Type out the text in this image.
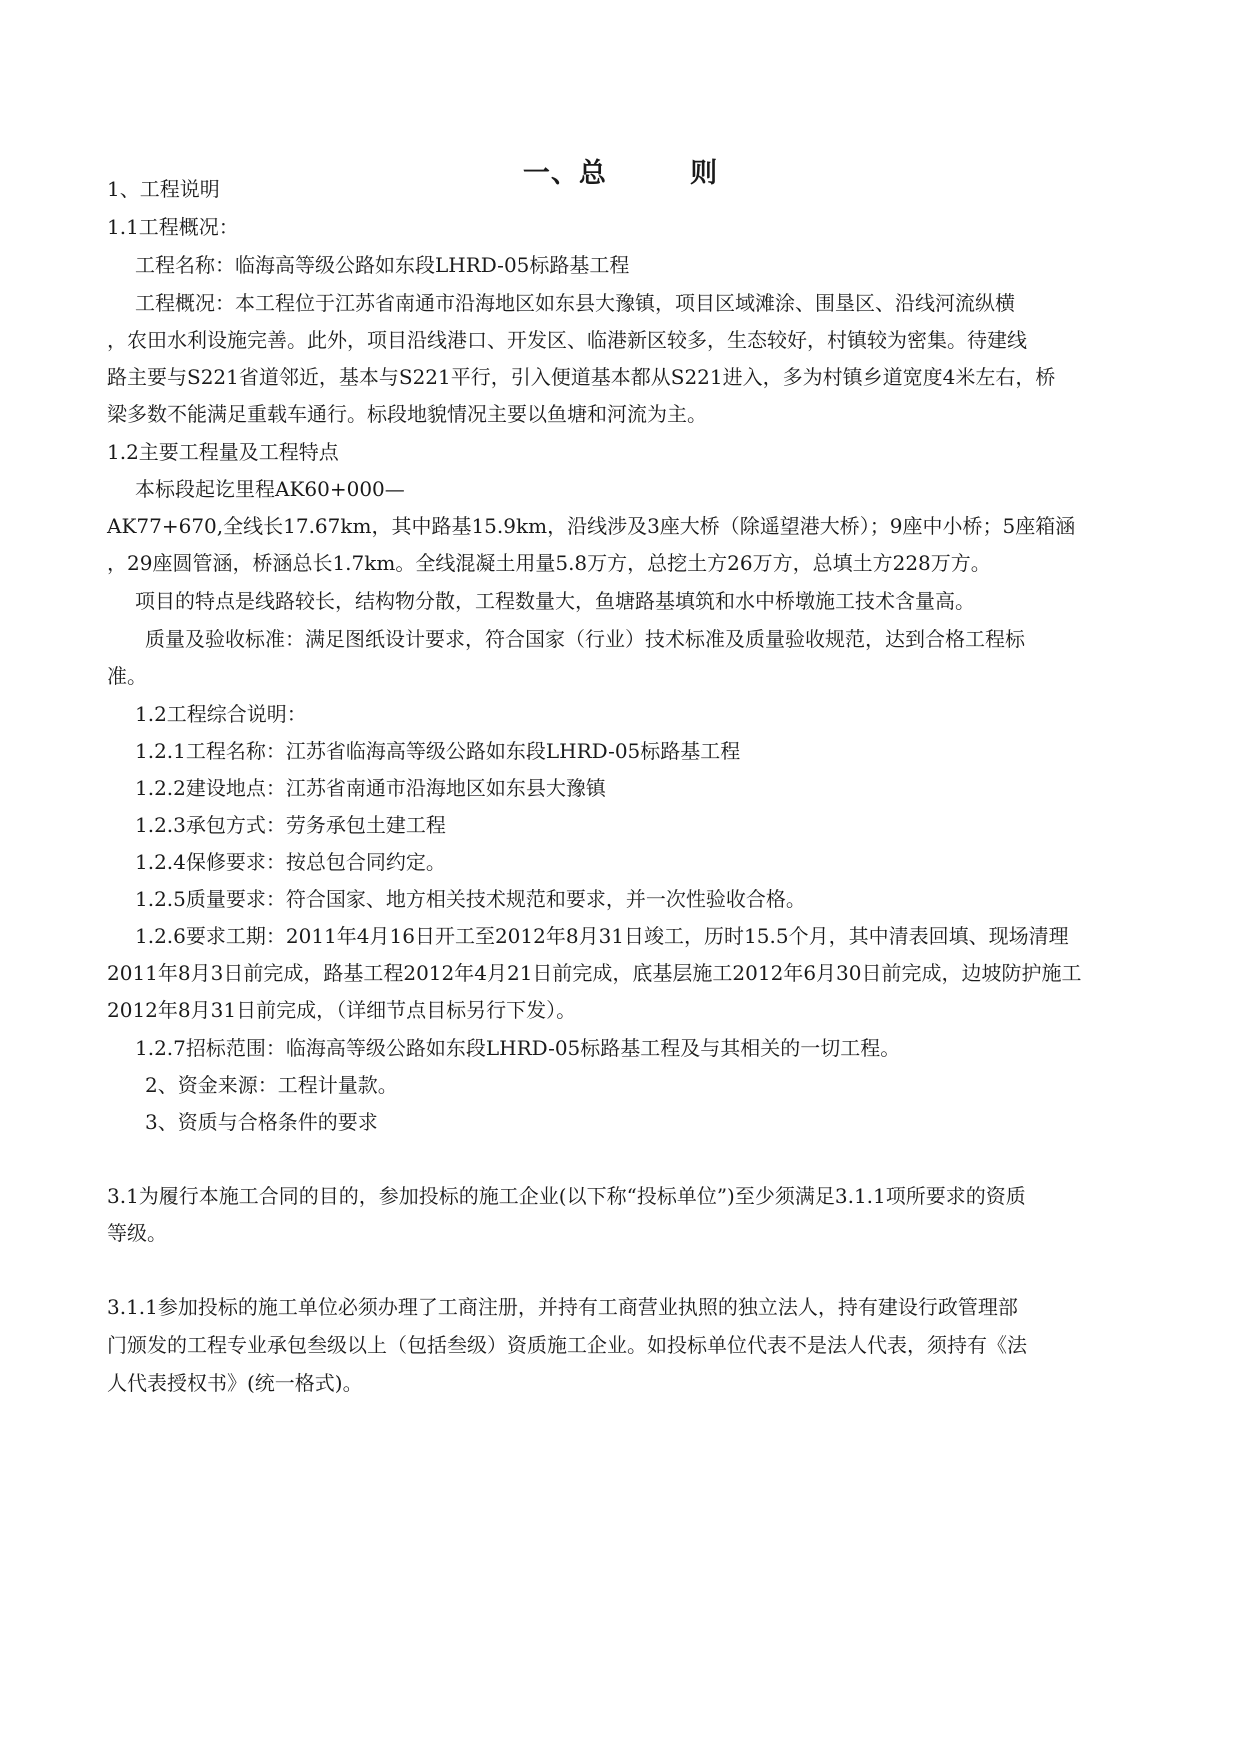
一、总        则
1、工程说明
1.1工程概况：
工程名称：临海高等级公路如东段LHRD-05标路基工程
工程概况：本工程位于江苏省南通市沿海地区如东县大豫镇，项目区域滩涂、围垦区、沿线河流纵横
，农田水利设施完善。此外，项目沿线港口、开发区、临港新区较多，生态较好，村镇较为密集。待建线
路主要与S221省道邻近，基本与S221平行，引入便道基本都从S221进入，多为村镇乡道宽度4米左右，桥
梁多数不能满足重载车通行。标段地貌情况主要以鱼塘和河流为主。
1.2主要工程量及工程特点
本标段起讫里程AK60+000—
AK77+670,全线长17.67km，其中路基15.9km，沿线涉及3座大桥（除遥望港大桥）；9座中小桥；5座箱涵
，29座圆管涵，桥涵总长1.7km。全线混凝土用量5.8万方，总挖土方26万方，总填土方228万方。
项目的特点是线路较长，结构物分散，工程数量大，鱼塘路基填筑和水中桥墩施工技术含量高。
质量及验收标准：满足图纸设计要求，符合国家（行业）技术标准及质量验收规范，达到合格工程标
准。
1.2工程综合说明：
1.2.1工程名称：江苏省临海高等级公路如东段LHRD-05标路基工程
1.2.2建设地点：江苏省南通市沿海地区如东县大豫镇
1.2.3承包方式：劳务承包土建工程
1.2.4保修要求：按总包合同约定。
1.2.5质量要求：符合国家、地方相关技术规范和要求，并一次性验收合格。
1.2.6要求工期：2011年4月16日开工至2012年8月31日竣工，历时15.5个月，其中清表回填、现场清理
2011年8月3日前完成，路基工程2012年4月21日前完成，底基层施工2012年6月30日前完成，边坡防护施工
2012年8月31日前完成，（详细节点目标另行下发）。
1.2.7招标范围：临海高等级公路如东段LHRD-05标路基工程及与其相关的一切工程。
2、资金来源：工程计量款。
3、资质与合格条件的要求
3.1为履行本施工合同的目的，参加投标的施工企业(以下称“投标单位”)至少须满足3.1.1项所要求的资质
等级。
3.1.1参加投标的施工单位必须办理了工商注册，并持有工商营业执照的独立法人，持有建设行政管理部
门颁发的工程专业承包叁级以上（包括叁级）资质施工企业。如投标单位代表不是法人代表，须持有《法
人代表授权书》(统一格式)。
